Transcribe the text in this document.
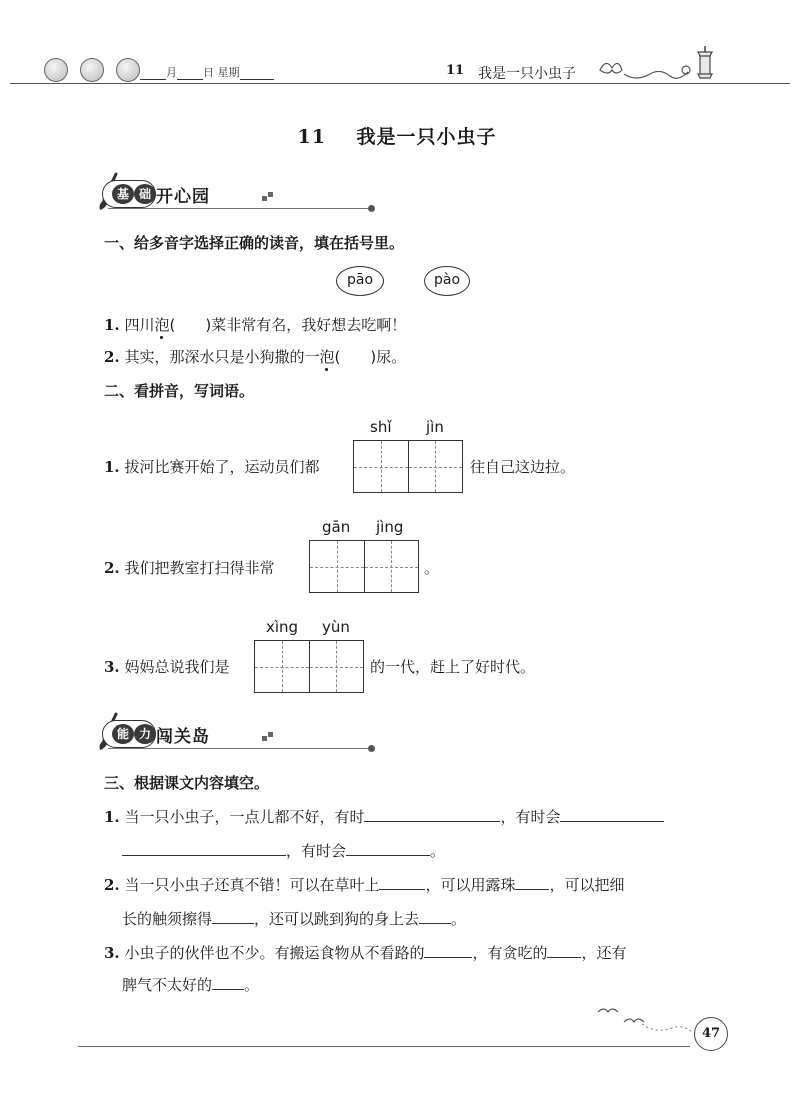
月 日 星期	11 我是一只小虫子
11 我是一只小虫子
基 础 开心园
一、给多音字选择正确的读音，填在括号里。
pāo	pào
1. 四川泡(　　)菜非常有名，我好想去吃啊！
2. 其实，那深水只是小狗撒的一泡(　　)尿。
二、看拼音，写词语。
shǐ jìn
1. 拔河比赛开始了，运动员们都	往自己这边拉。
gān jìng
2. 我们把教室打扫得非常	。
xìng yùn
3. 妈妈总说我们是	的一代，赶上了好时代。
能 力 闯关岛
三、根据课文内容填空。
1. 当一只小虫子，一点儿都不好，有时	，有时会
，有时会	。
2. 当一只小虫子还真不错！可以在草叶上	，可以用露珠 ，可以把细
长的触须擦得	，还可以跳到狗的身上去 。
3. 小虫子的伙伴也不少。有搬运食物从不看路的	，有贪吃的 ，还有
脾气不太好的 。
47
